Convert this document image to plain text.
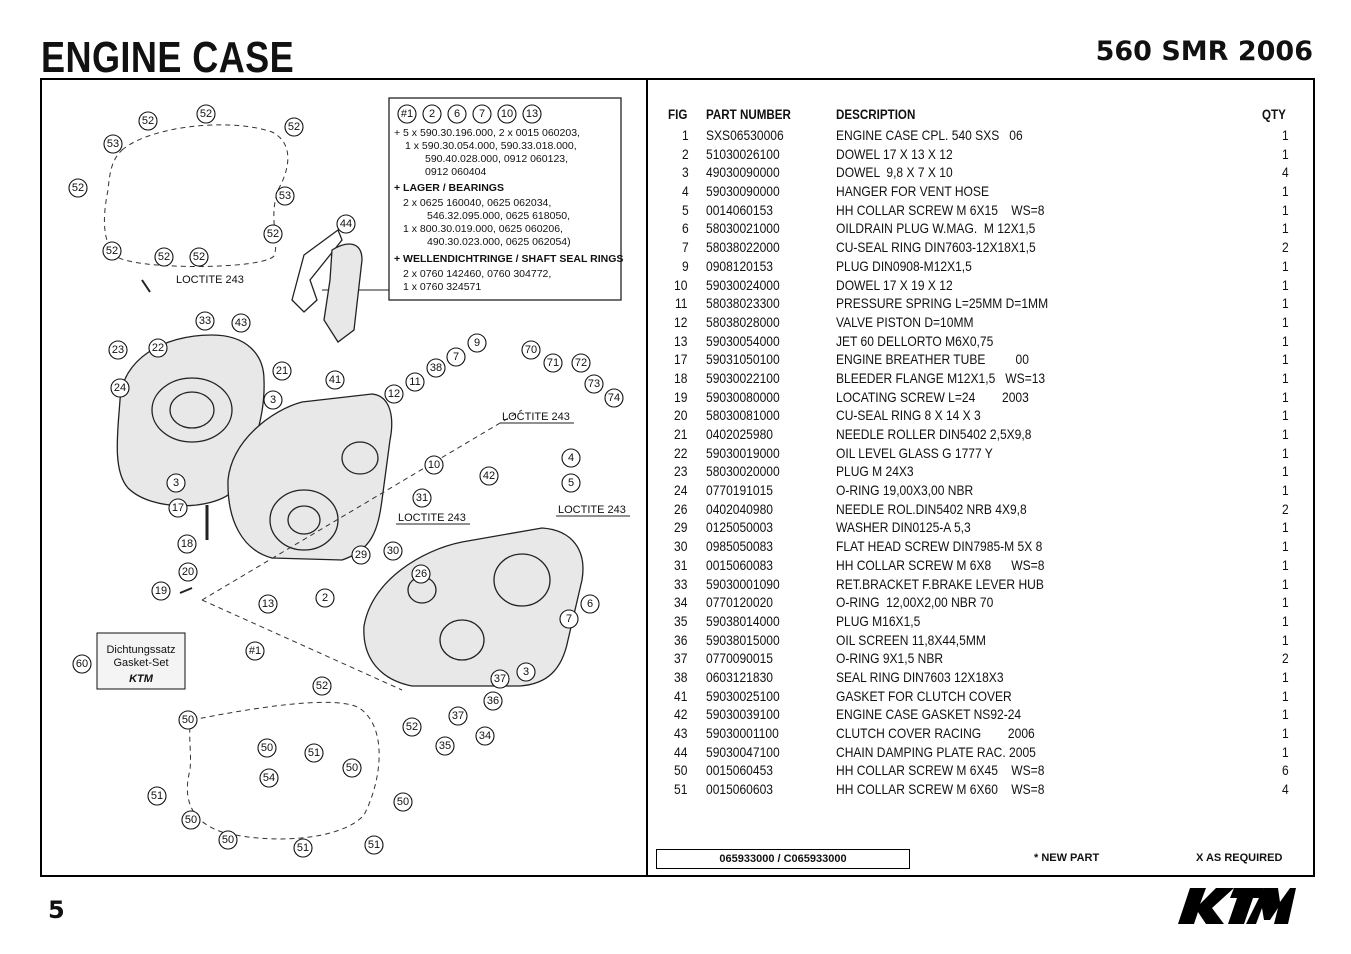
ENGINE CASE	560 SMR 2006
#1 2 6 7 10 13
+ 5 x 590.30.196.000, 2 x 0015 060203,
1 x 590.30.054.000, 590.33.018.000,
590.40.028.000, 0912 060123,
0912 060404
+ LAGER / BEARINGS
2 x 0625 160040, 0625 062034,
546.32.095.000, 0625 618050,
1 x 800.30.019.000, 0625 060206,
490.30.023.000, 0625 062054)
+ WELLENDICHTRINGE / SHAFT SEAL RINGS
2 x 0760 142460, 0760 304772,
1 x 0760 324571
LOCTITE 243
LOCTITE 243
LOCTITE 243
LOCTITE 243
Dichtungssatz
Gasket-Set
KTM
52
52
52
53
52
53
52	52 52
52
44
33 43
23	22
21
24
3
41
9
38
7
11
12
70
71 72
73
74
3
10
4
42
5
17
31
18
30
29
20	26
19
13	2	6
7
#1
60
3
37
52
36
50	37
52
34
50	51
35
50
54
51	50
50
50
51	51
FIG	PART NUMBER	DESCRIPTION	QTY
1	SXS06530006	ENGINE CASE CPL. 540 SXS   06	1
2	51030026100	DOWEL 17 X 13 X 12	1
3	49030090000	DOWEL  9,8 X 7 X 10	4
4	59030090000	HANGER FOR VENT HOSE	1
5	0014060153	HH COLLAR SCREW M 6X15    WS=8	1
6	58030021000	OILDRAIN PLUG W.MAG.  M 12X1,5	1
7	58038022000	CU-SEAL RING DIN7603-12X18X1,5	2
9	0908120153	PLUG DIN0908-M12X1,5	1
10	59030024000	DOWEL 17 X 19 X 12	1
11	58038023300	PRESSURE SPRING L=25MM D=1MM	1
12	58038028000	VALVE PISTON D=10MM	1
13	59030054000	JET 60 DELLORTO M6X0,75	1
17	59031050100	ENGINE BREATHER TUBE         00	1
18	59030022100	BLEEDER FLANGE M12X1,5   WS=13	1
19	59030080000	LOCATING SCREW L=24        2003	1
20	58030081000	CU-SEAL RING 8 X 14 X 3	1
21	0402025980	NEEDLE ROLLER DIN5402 2,5X9,8	1
22	59030019000	OIL LEVEL GLASS G 1777 Y	1
23	58030020000	PLUG M 24X3	1
24	0770191015	O-RING 19,00X3,00 NBR	1
26	0402040980	NEEDLE ROL.DIN5402 NRB 4X9,8	2
29	0125050003	WASHER DIN0125-A 5,3	1
30	0985050083	FLAT HEAD SCREW DIN7985-M 5X 8	1
31	0015060083	HH COLLAR SCREW M 6X8      WS=8	1
33	59030001090	RET.BRACKET F.BRAKE LEVER HUB	1
34	0770120020	O-RING  12,00X2,00 NBR 70	1
35	59038014000	PLUG M16X1,5	1
36	59038015000	OIL SCREEN 11,8X44,5MM	1
37	0770090015	O-RING 9X1,5 NBR	2
38	0603121830	SEAL RING DIN7603 12X18X3	1
41	59030025100	GASKET FOR CLUTCH COVER	1
42	59030039100	ENGINE CASE GASKET NS92-24	1
43	59030001100	CLUTCH COVER RACING        2006	1
44	59030047100	CHAIN DAMPING PLATE RAC. 2005	1
50	0015060453	HH COLLAR SCREW M 6X45    WS=8	6
51	0015060603	HH COLLAR SCREW M 6X60    WS=8	4
065933000 / C065933000	* NEW PART	X AS REQUIRED
5
